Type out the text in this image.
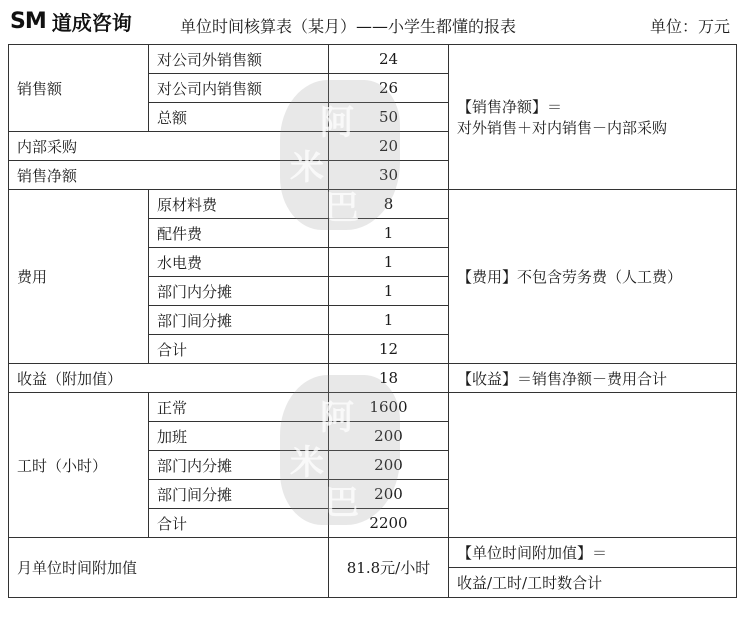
SM 道成咨询	单位时间核算表（某月）——小学生都懂的报表	单位：万元
销售额	对公司外销售额	24	【销售净额】＝
对外销售＋对内销售－内部采购

	对公司内销售额	26	
	总额	50	
内部采购		20	
销售净额		30	
费用	原材料费	8	【费用】不包含劳务费（人工费）
	配件费	1	
	水电费	1	
	部门内分摊	1	
	部门间分摊	1	
	合计	12	
收益（附加值）		18	【收益】＝销售净额－费用合计
工时（小时）	正常	1600	
	加班	200	
	部门内分摊	200	
	部门间分摊	200	
	合计	2200	
月单位时间附加值		81.8元/小时	【单位时间附加值】＝
			收益/工时/工时数合计
阿
米
巴
阿
米
巴
